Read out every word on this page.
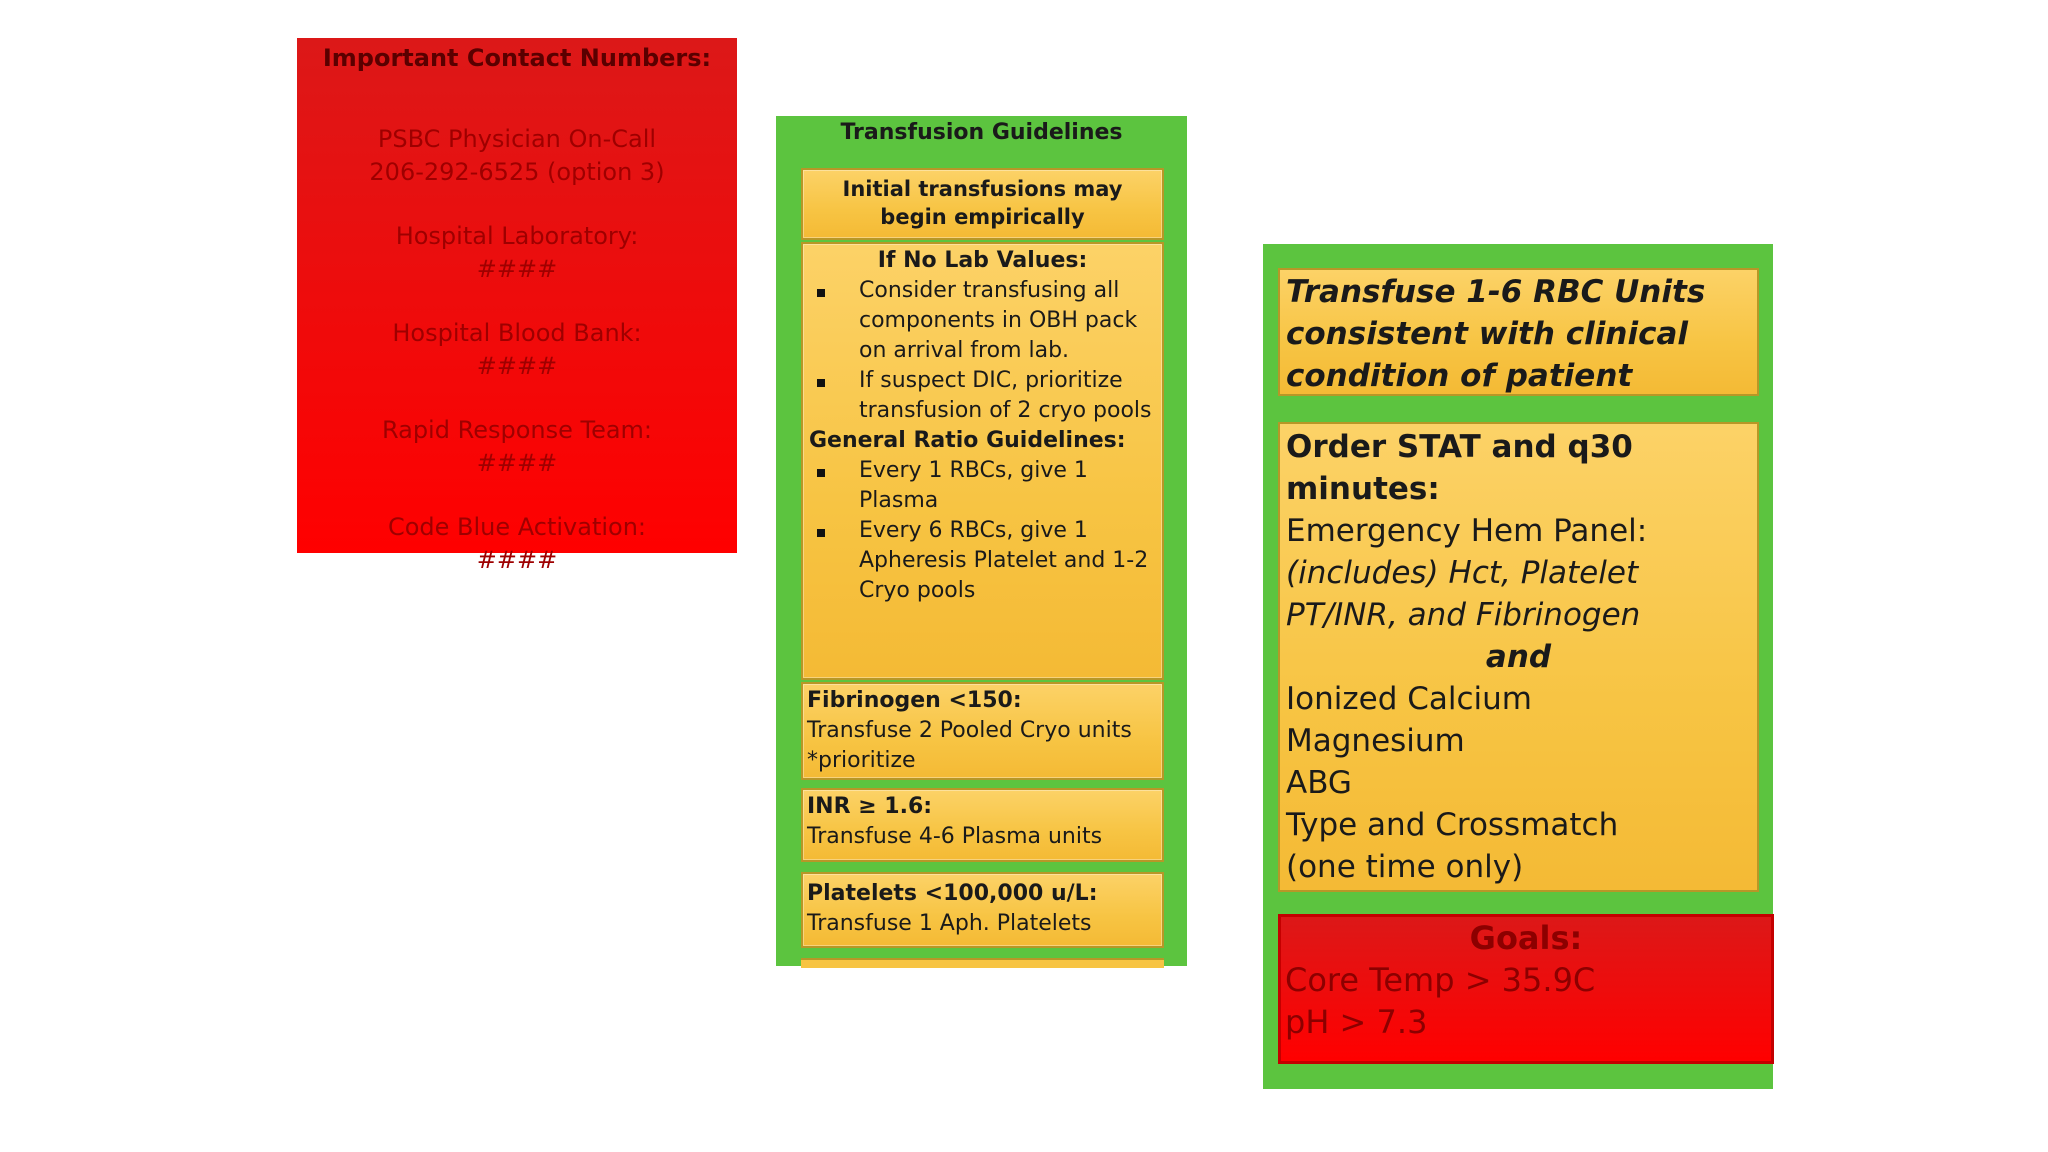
Important Contact Numbers:
PSBC Physician On-Call
206-292-6525 (option 3)
Hospital Laboratory:
####
Hospital Blood Bank:
####
Rapid Response Team:
####
Code Blue Activation:
####
Transfusion Guidelines
Initial transfusions may begin empirically
If No Lab Values:
Consider transfusing all components in OBH pack on arrival from lab.
If suspect DIC, prioritize transfusion of 2 cryo pools
General Ratio Guidelines:
Every 1 RBCs, give 1 Plasma
Every 6 RBCs, give 1 Apheresis Platelet and 1-2 Cryo pools
Fibrinogen <150:
Transfuse 2 Pooled Cryo units *prioritize
INR ≥ 1.6:
Transfuse 4-6 Plasma units
Platelets <100,000 u/L:
Transfuse 1 Aph. Platelets
Transfuse 1-6 RBC Units consistent with clinical condition of patient
Order STAT and q30 minutes:
Emergency Hem Panel:
(includes) Hct, Platelet PT/INR, and Fibrinogen
and
Ionized Calcium
Magnesium
ABG
Type and Crossmatch
(one time only)
Goals:
Core Temp > 35.9C
pH > 7.3
